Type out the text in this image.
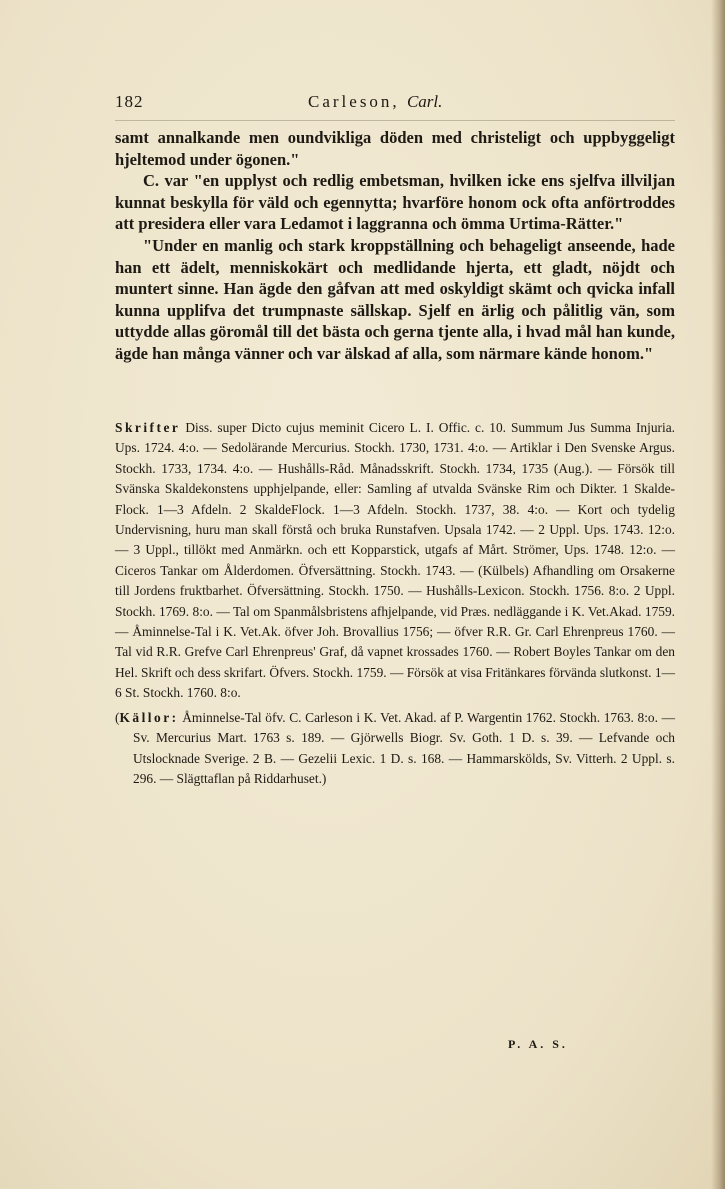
182	Carleson, Carl.

samt annalkande men oundvikliga döden med christeligt och uppbyggeligt hjeltemod under ögonen."

C. var "en upplyst och redlig embetsman, hvilken icke ens sjelfva illviljan kunnat beskylla för väld och egennytta; hvarföre honom ock ofta anförtroddes att presidera eller vara Ledamot i laggranna och ömma Urtima-Rätter."

"Under en manlig och stark kroppställning och behageligt anseende, hade han ett ädelt, menniskokärt och medlidande hjerta, ett gladt, nöjdt och muntert sinne. Han ägde den gåfvan att med oskyldigt skämt och qvicka infall kunna upplifva det trumpnaste sällskap. Sjelf en ärlig och pålitlig vän, som uttydde allas göromål till det bästa och gerna tjente alla, i hvad mål han kunde, ägde han många vänner och var älskad af alla, som närmare kände honom."

Skrifter Diss. super Dicto cujus meminit Cicero L. I. Offic. c. 10. Summum Jus Summa Injuria. Ups. 1724. 4:o. — Sedolärande Mercurius. Stockh. 1730, 1731. 4:o. — Artiklar i Den Svenske Argus. Stockh. 1733, 1734. 4:o. — Hushålls-Råd. Månadsskrift. Stockh. 1734, 1735 (Aug.). — Försök till Svänska Skaldekonstens upphjelpande, eller: Samling af utvalda Svänske Rim och Dikter. 1 Skalde-Flock. 1—3 Afdeln. 2 SkaldeFlock. 1—3 Afdeln. Stockh. 1737, 38. 4:o. — Kort och tydelig Undervisning, huru man skall förstå och bruka Runstafven. Upsala 1742. — 2 Uppl. Ups. 1743. 12:o. — 3 Uppl., tillökt med Anmärkn. och ett Kopparstick, utgafs af Mårt. Strömer, Ups. 1748. 12:o. — Ciceros Tankar om Ålderdomen. Öfversättning. Stockh. 1743. — (Külbels) Afhandling om Orsakerne till Jordens fruktbarhet. Öfversättning. Stockh. 1750. — Hushålls-Lexicon. Stockh. 1756. 8:o. 2 Uppl. Stockh. 1769. 8:o. — Tal om Spanmålsbristens afhjelpande, vid Præs. nedläggande i K. Vet.Akad. 1759. — Åminnelse-Tal i K. Vet.Ak. öfver Joh. Brovallius 1756; — öfver R.R. Gr. Carl Ehrenpreus 1760. — Tal vid R.R. Grefve Carl Ehrenpreus' Graf, då vapnet krossades 1760. — Robert Boyles Tankar om den Hel. Skrift och dess skrifart. Öfvers. Stockh. 1759. — Försök at visa Fritänkares förvända slutkonst. 1—6 St. Stockh. 1760. 8:o.

(Källor: Åminnelse-Tal öfv. C. Carleson i K. Vet. Akad. af P. Wargentin 1762. Stockh. 1763. 8:o. — Sv. Mercurius Mart. 1763 s. 189. — Gjörwells Biogr. Sv. Goth. 1 D. s. 39. — Lefvande och Utslocknade Sverige. 2 B. — Gezelii Lexic. 1 D. s. 168. — Hammarskölds, Sv. Vitterh. 2 Uppl. s. 296. — Slägttaflan på Riddarhuset.)

P. A. S.
